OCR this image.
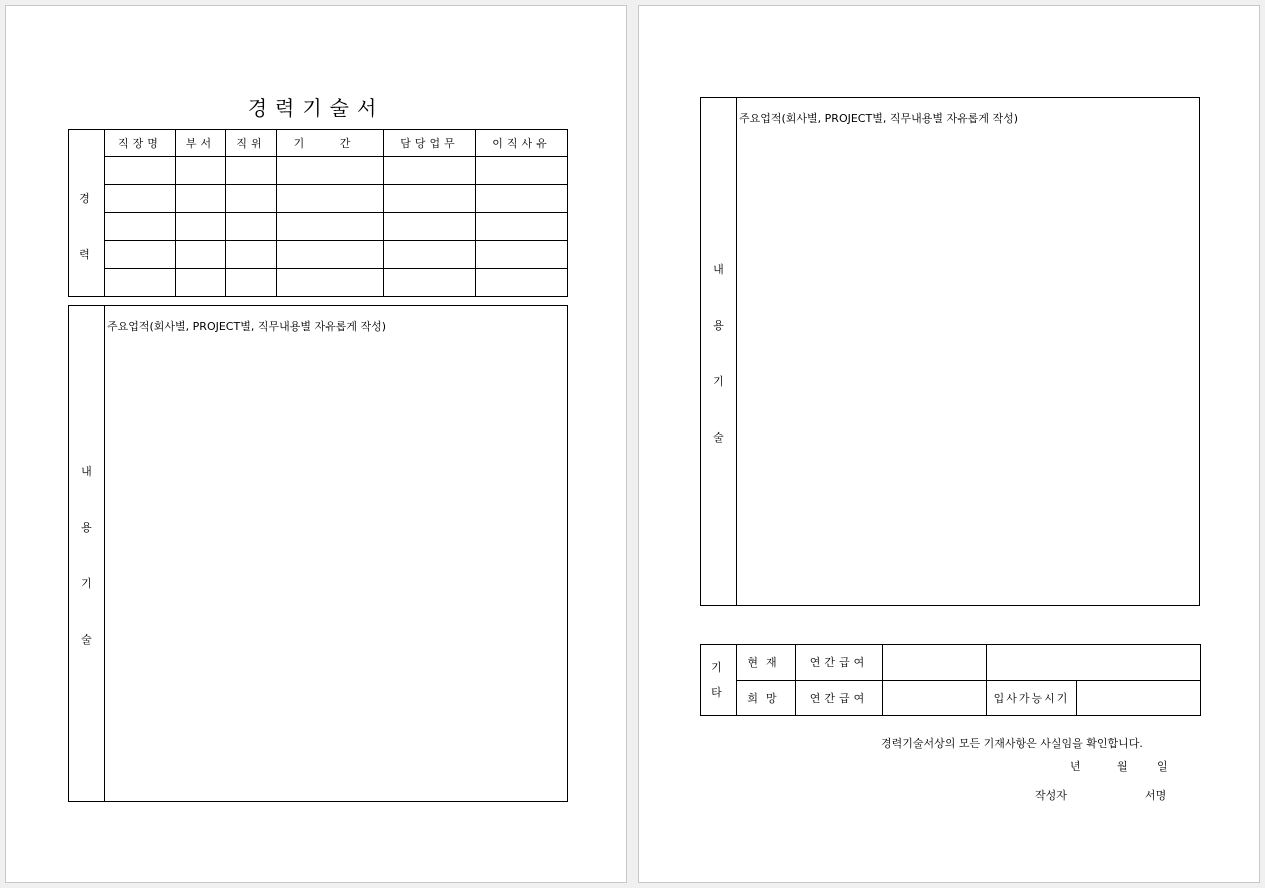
경력기술서
경
력	직장명	부서	직위	기 간	담당업무	이직사유

내
용
기
술
주요업적(회사별, PROJECT별, 직무내용별 자유롭게 작성)
내
용
기
술
주요업적(회사별, PROJECT별, 직무내용별 자유롭게 작성)
기
타	현재	연간급여			
	희망	연간급여		입사가능시기	
경력기술서상의 모든 기재사항은 사실임을 확인합니다.
년	월	일
작성자	서명
